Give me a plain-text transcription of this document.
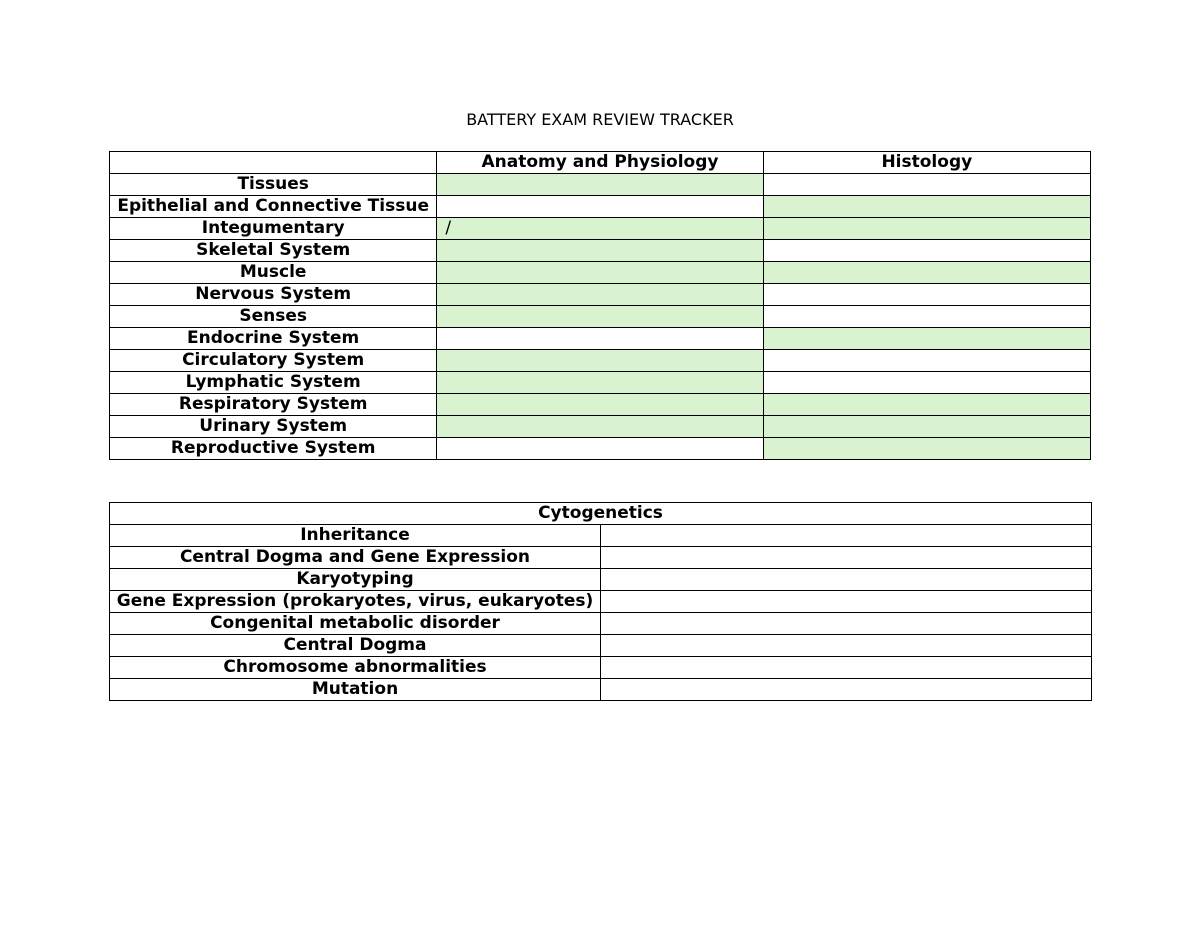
BATTERY EXAM REVIEW TRACKER
	Anatomy and Physiology	Histology
Tissues		
Epithelial and Connective Tissue		
Integumentary	/	
Skeletal System		
Muscle		
Nervous System		
Senses		
Endocrine System		
Circulatory System		
Lymphatic System		
Respiratory System		
Urinary System		
Reproductive System		
Cytogenetics	
Inheritance	
Central Dogma and Gene Expression	
Karyotyping	
Gene Expression (prokaryotes, virus, eukaryotes)	
Congenital metabolic disorder	
Central Dogma	
Chromosome abnormalities	
Mutation	
